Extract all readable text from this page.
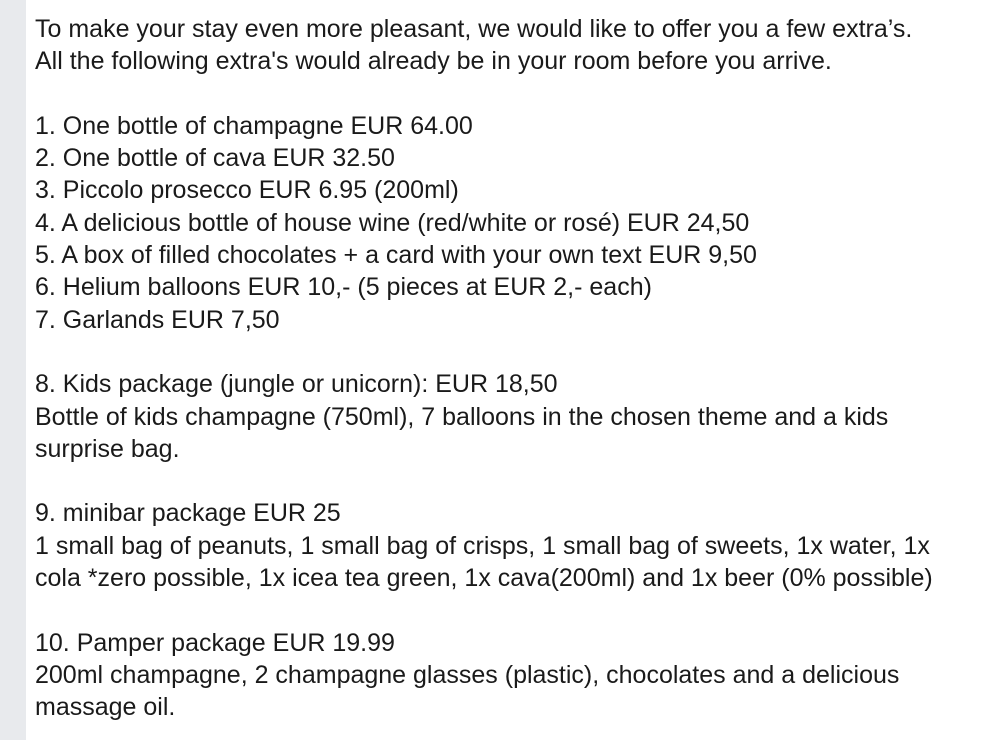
To make your stay even more pleasant, we would like to offer you a few extra’s.
All the following extra's would already be in your room before you arrive.
1. One bottle of champagne EUR 64.00
2. One bottle of cava EUR 32.50
3. Piccolo prosecco EUR 6.95 (200ml)
4. A delicious bottle of house wine (red/white or rosé) EUR 24,50
5. A box of filled chocolates + a card with your own text EUR 9,50
6. Helium balloons EUR 10,- (5 pieces at EUR 2,- each)
7. Garlands EUR 7,50
8. Kids package (jungle or unicorn): EUR 18,50
Bottle of kids champagne (750ml), 7 balloons in the chosen theme and a kids
surprise bag.
9. minibar package EUR 25
1 small bag of peanuts, 1 small bag of crisps, 1 small bag of sweets, 1x water, 1x
cola *zero possible, 1x icea tea green, 1x cava(200ml) and 1x beer (0% possible)
10. Pamper package EUR 19.99
200ml champagne, 2 champagne glasses (plastic), chocolates and a delicious
massage oil.
